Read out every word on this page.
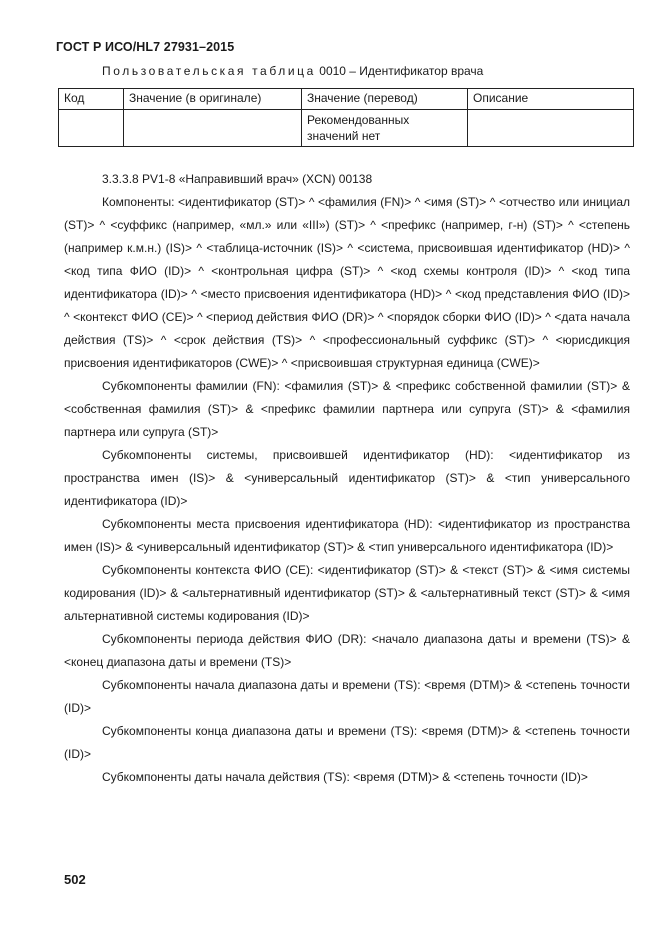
ГОСТ Р ИСО/HL7 27931–2015
Пользовательская таблица 0010 – Идентификатор врача
Код	Значение (в оригинале)	Значение (перевод)	Описание
		Рекомендованных значений нет	

3.3.3.8 PV1-8 «Направивший врач» (XCN) 00138

Компоненты: <идентификатор (ST)> ^ <фамилия (FN)> ^ <имя (ST)> ^ <отчество или инициал (ST)> ^ <суффикс (например, «мл.» или «III») (ST)> ^ <префикс (например, г-н) (ST)> ^ <степень (например к.м.н.) (IS)> ^ <таблица-источник (IS)> ^ <система, присвоившая идентификатор (HD)> ^ <код типа ФИО (ID)> ^ <контрольная цифра (ST)> ^ <код схемы контроля (ID)> ^ <код типа идентификатора (ID)> ^ <место присвоения идентификатора (HD)> ^ <код представления ФИО (ID)> ^ <контекст ФИО (CE)> ^ <период действия ФИО (DR)> ^ <порядок сборки ФИО (ID)> ^ <дата начала действия (TS)> ^ <срок действия (TS)> ^ <профессиональный суффикс (ST)> ^ <юрисдикция присвоения идентификаторов (CWE)> ^ <присвоившая структурная единица (CWE)>

Субкомпоненты фамилии (FN): <фамилия (ST)> & <префикс собственной фамилии (ST)> & <собственная фамилия (ST)> & <префикс фамилии партнера или супруга (ST)> & <фамилия партнера или супруга (ST)>

Субкомпоненты системы, присвоившей идентификатор (HD): <идентификатор из пространства имен (IS)> & <универсальный идентификатор (ST)> & <тип универсального идентификатора (ID)>

Субкомпоненты места присвоения идентификатора (HD): <идентификатор из пространства имен (IS)> & <универсальный идентификатор (ST)> & <тип универсального идентификатора (ID)>

Субкомпоненты контекста ФИО (CE): <идентификатор (ST)> & <текст (ST)> & <имя системы кодирования (ID)> & <альтернативный идентификатор (ST)> & <альтернативный текст (ST)> & <имя альтернативной системы кодирования (ID)>

Субкомпоненты периода действия ФИО (DR): <начало диапазона даты и времени (TS)> & <конец диапазона даты и времени (TS)>

Субкомпоненты начала диапазона даты и времени (TS): <время (DTM)> & <степень точности (ID)>

Субкомпоненты конца диапазона даты и времени (TS): <время (DTM)> & <степень точности (ID)>

Субкомпоненты даты начала действия (TS): <время (DTM)> & <степень точности (ID)>

502
